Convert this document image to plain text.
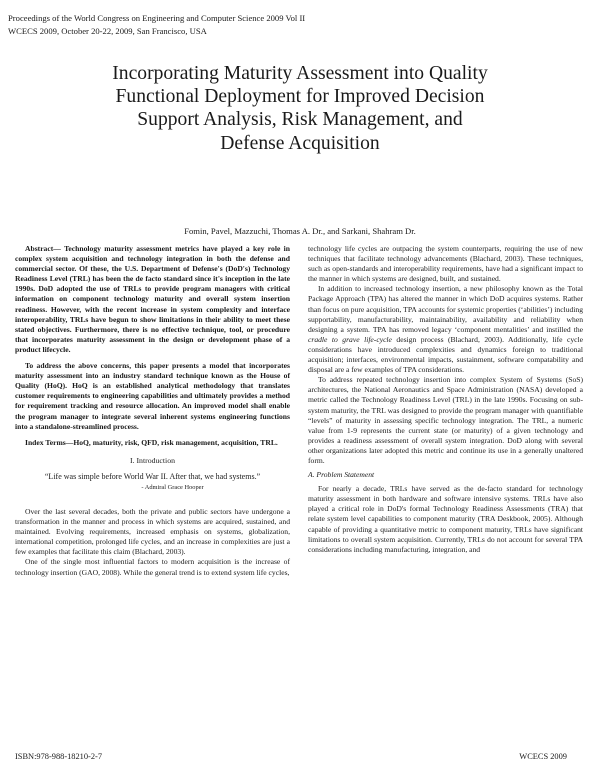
Proceedings of the World Congress on Engineering and Computer Science 2009 Vol II
WCECS 2009, October 20-22, 2009, San Francisco, USA
Incorporating Maturity Assessment into Quality
Functional Deployment for Improved Decision
Support Analysis, Risk Management, and
Defense Acquisition
Fomin, Pavel, Mazzuchi, Thomas A. Dr., and Sarkani, Shahram Dr.

Abstract— Technology maturity assessment metrics have played a key role in complex system acquisition and technology integration in both the defense and commercial sector. Of these, the U.S. Department of Defense's (DoD's) Technology Readiness Level (TRL) has been the de facto standard since it's inception in the late 1990s. DoD adopted the use of TRLs to provide program managers with critical information on component technology maturity and overall system insertion readiness. However, with the recent increase in system complexity and interface interoperability, TRLs have begun to show limitations in their ability to meet these stated objectives. Furthermore, there is no effective technique, tool, or procedure that incorporates maturity assessment in the design or development phase of a product lifecycle.

To address the above concerns, this paper presents a model that incorporates maturity assessment into an industry standard technique known as the House of Quality (HoQ). HoQ is an established analytical methodology that translates customer requirements to engineering capabilities and ultimately provides a method for requirement tracking and resource allocation. An improved model shall enable the program manager to integrate several inherent systems engineering functions into a standalone-streamlined process.

Index Terms—HoQ, maturity, risk, QFD, risk management, acquisition, TRL.

I. Introduction
“Life was simple before World War II. After that, we had systems.”
- Admiral Grace Hooper

Over the last several decades, both the private and public sectors have undergone a transformation in the manner and process in which systems are acquired, sustained, and maintained. Evolving requirements, increased emphasis on systems, globalization, international competition, prolonged life cycles, and an increase in complexities are just a few examples that facilitate this claim (Blachard, 2003).

One of the single most influential factors to modern acquisition is the increase of technology insertion (GAO, 2008). While the general trend is to extend system life cycles,

technology life cycles are outpacing the system counterparts, requiring the use of new techniques that facilitate technology advancements (Blachard, 2003). These techniques, such as open-standards and interoperability requirements, have had a significant impact to the manner in which systems are designed, built, and sustained.

In addition to increased technology insertion, a new philosophy known as the Total Package Approach (TPA) has altered the manner in which DoD acquires systems. Rather than focus on pure acquisition, TPA accounts for systemic properties (‘abilities’) including supportability, manufacturability, maintainability, availability and reliability when designing a system. TPA has removed legacy ‘component mentalities’ and instilled the cradle to grave life-cycle design process (Blachard, 2003). Additionally, life cycle considerations have introduced complexities and dynamics foreign to traditional acquisition; interfaces, environmental impacts, sustainment, software compatability and disposal are a few examples of TPA considerations.

To address repeated technology insertion into complex System of Systems (SoS) architectures, the National Aeronautics and Space Administration (NASA) developed a metric called the Technology Readiness Level (TRL) in the late 1990s. Focusing on sub-system maturity, the TRL was designed to provide the program manager with quantifiable “levels” of maturity in assessing specific technology integration. The TRL, a numeric value from 1-9 represents the current state (or maturity) of a given technology and provides a readiness assessment of overall system integration. DoD along with several other organizations later adopted this metric and continue its use in a generally unaltered form.

A. Problem Statement

For nearly a decade, TRLs have served as the de-facto standard for technology maturity assessment in both hardware and software intensive systems. TRLs have also played a critical role in DoD's formal Technology Readiness Assessments (TRA) that relate system level capabilities to component maturity (TRA Deskbook, 2005). Although capable of providing a quantitative metric to component maturity, TRLs have significant limitations to overall system acquisition. Currently, TRLs do not account for several TPA considerations including manufacturing, integration, and

ISBN:978-988-18210-2-7	WCECS 2009
